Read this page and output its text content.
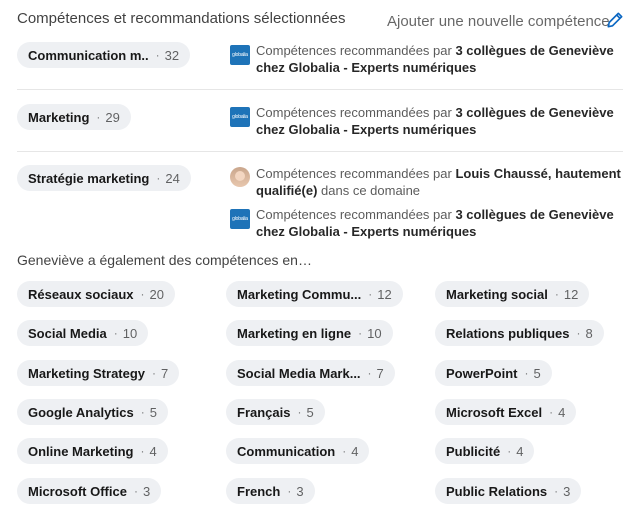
Compétences et recommandations sélectionnées	Ajouter une nouvelle compétence
Communication m.. · 32	globalia Compétences recommandées par 3 collègues de Geneviève chez Globalia - Experts numériques
Marketing · 29	globalia Compétences recommandées par 3 collègues de Geneviève chez Globalia - Experts numériques
Stratégie marketing · 24	Compétences recommandées par Louis Chaussé, hautement qualifié(e) dans ce domaine
globalia Compétences recommandées par 3 collègues de Geneviève chez Globalia - Experts numériques
Geneviève a également des compétences en…
Réseaux sociaux · 20	Marketing Commu... · 12	Marketing social · 12
Social Media · 10	Marketing en ligne · 10	Relations publiques · 8
Marketing Strategy · 7	Social Media Mark... · 7	PowerPoint · 5
Google Analytics · 5	Français · 5	Microsoft Excel · 4
Online Marketing · 4	Communication · 4	Publicité · 4
Microsoft Office · 3	French · 3	Public Relations · 3
